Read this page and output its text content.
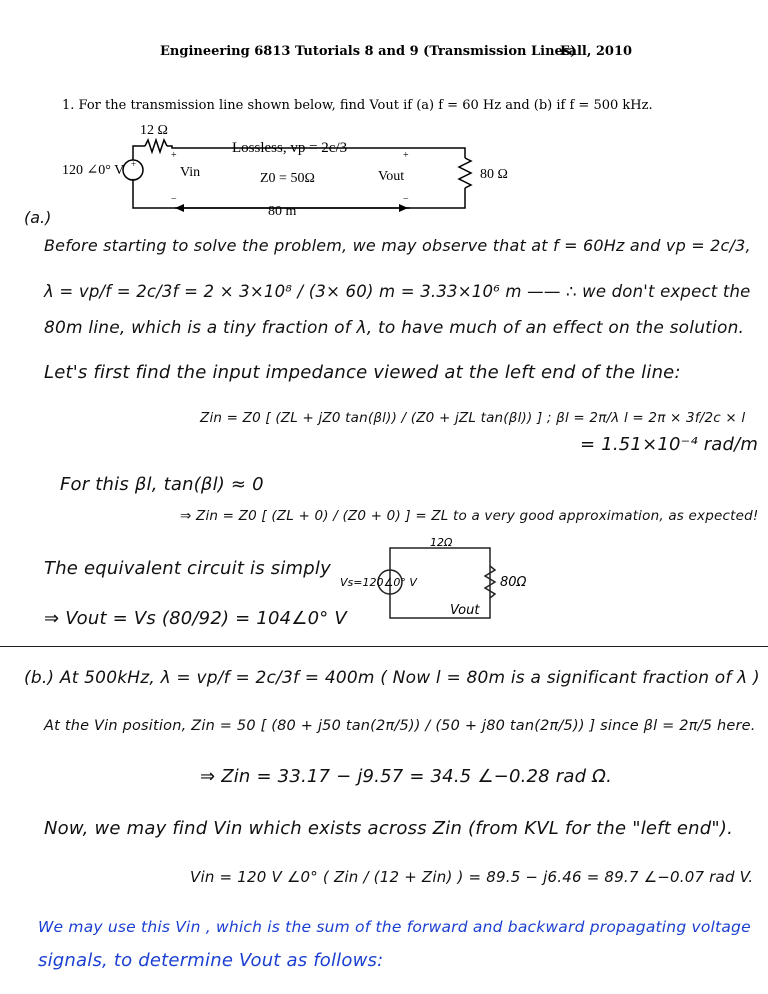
Engineering 6813 Tutorials 8 and 9 (Transmission Lines)
Fall, 2010
1. For the transmission line shown below, find Vout if (a) f = 60 Hz and (b) if f = 500 kHz.
+
−
+
−
+
−
12 Ω
120 ∠0° V	Vin
Lossless, vp = 2c/3
Z0 = 50Ω	Vout	80 Ω
80 m
(a.)
Before starting to solve the problem, we may observe that at f = 60Hz and vp = 2c/3,
λ = vp/f = 2c/3f = 2 × 3×10⁸ / (3× 60) m = 3.33×10⁶ m —— ∴ we don't expect the
80m line, which is a tiny fraction of λ, to have much of an effect on the solution.
Let's first find the input impedance viewed at the left end of the line:
Zin = Z0 [ (ZL + jZ0 tan(βl)) / (Z0 + jZL tan(βl)) ] ; βl = 2π/λ l = 2π × 3f/2c × l
= 1.51×10⁻⁴ rad/m
For this βl, tan(βl) ≈ 0
⇒ Zin = Z0 [ (ZL + 0) / (Z0 + 0) ] = ZL to a very good approximation, as expected!
The equivalent circuit is simply
⇒ Vout = Vs (80/92) = 104∠0° V
12Ω
Vs=120∠0° V
Vout
80Ω
(b.) At 500kHz, λ = vp/f = 2c/3f = 400m ( Now l = 80m is a significant fraction of λ )
At the Vin position, Zin = 50 [ (80 + j50 tan(2π/5)) / (50 + j80 tan(2π/5)) ] since βl = 2π/5 here.
⇒ Zin = 33.17 − j9.57 = 34.5 ∠−0.28 rad Ω.
Now, we may find Vin which exists across Zin (from KVL for the "left end").
Vin = 120 V ∠0° ( Zin / (12 + Zin) ) = 89.5 − j6.46 = 89.7 ∠−0.07 rad V.
We may use this Vin , which is the sum of the forward and backward propagating voltage
signals, to determine Vout as follows:
